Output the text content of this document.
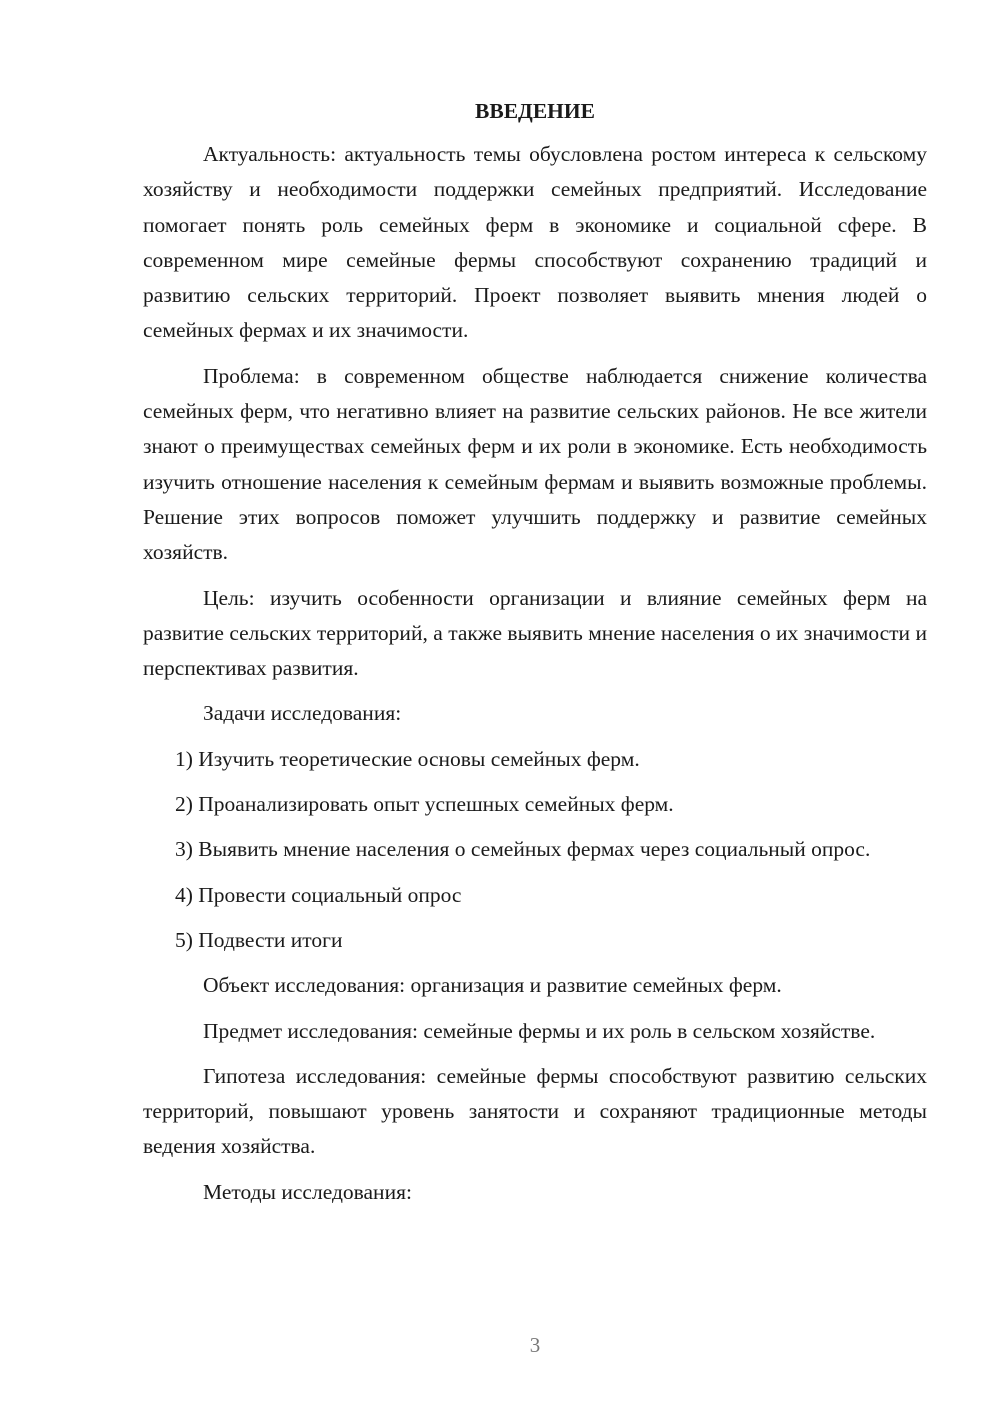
ВВЕДЕНИЕ

Актуальность: актуальность темы обусловлена ростом интереса к сельскому хозяйству и необходимости поддержки семейных предприятий. Исследование помогает понять роль семейных ферм в экономике и социальной сфере. В современном мире семейные фермы способствуют сохранению традиций и развитию сельских территорий. Проект позволяет выявить мнения людей о семейных фермах и их значимости.

Проблема: в современном обществе наблюдается снижение количества семейных ферм, что негативно влияет на развитие сельских районов. Не все жители знают о преимуществах семейных ферм и их роли в экономике. Есть необходимость изучить отношение населения к семейным фермам и выявить возможные проблемы. Решение этих вопросов поможет улучшить поддержку и развитие семейных хозяйств.

Цель: изучить особенности организации и влияние семейных ферм на развитие сельских территорий, а также выявить мнение населения о их значимости и перспективах развития.

Задачи исследования:

1) Изучить теоретические основы семейных ферм.

2) Проанализировать опыт успешных семейных ферм.

3) Выявить мнение населения о семейных фермах через социальный опрос.

4) Провести социальный опрос

5) Подвести итоги

Объект исследования: организация и развитие семейных ферм.

Предмет исследования: семейные фермы и их роль в сельском хозяйстве.

Гипотеза исследования: семейные фермы способствуют развитию сельских территорий, повышают уровень занятости и сохраняют традиционные методы ведения хозяйства.

Методы исследования:

3
